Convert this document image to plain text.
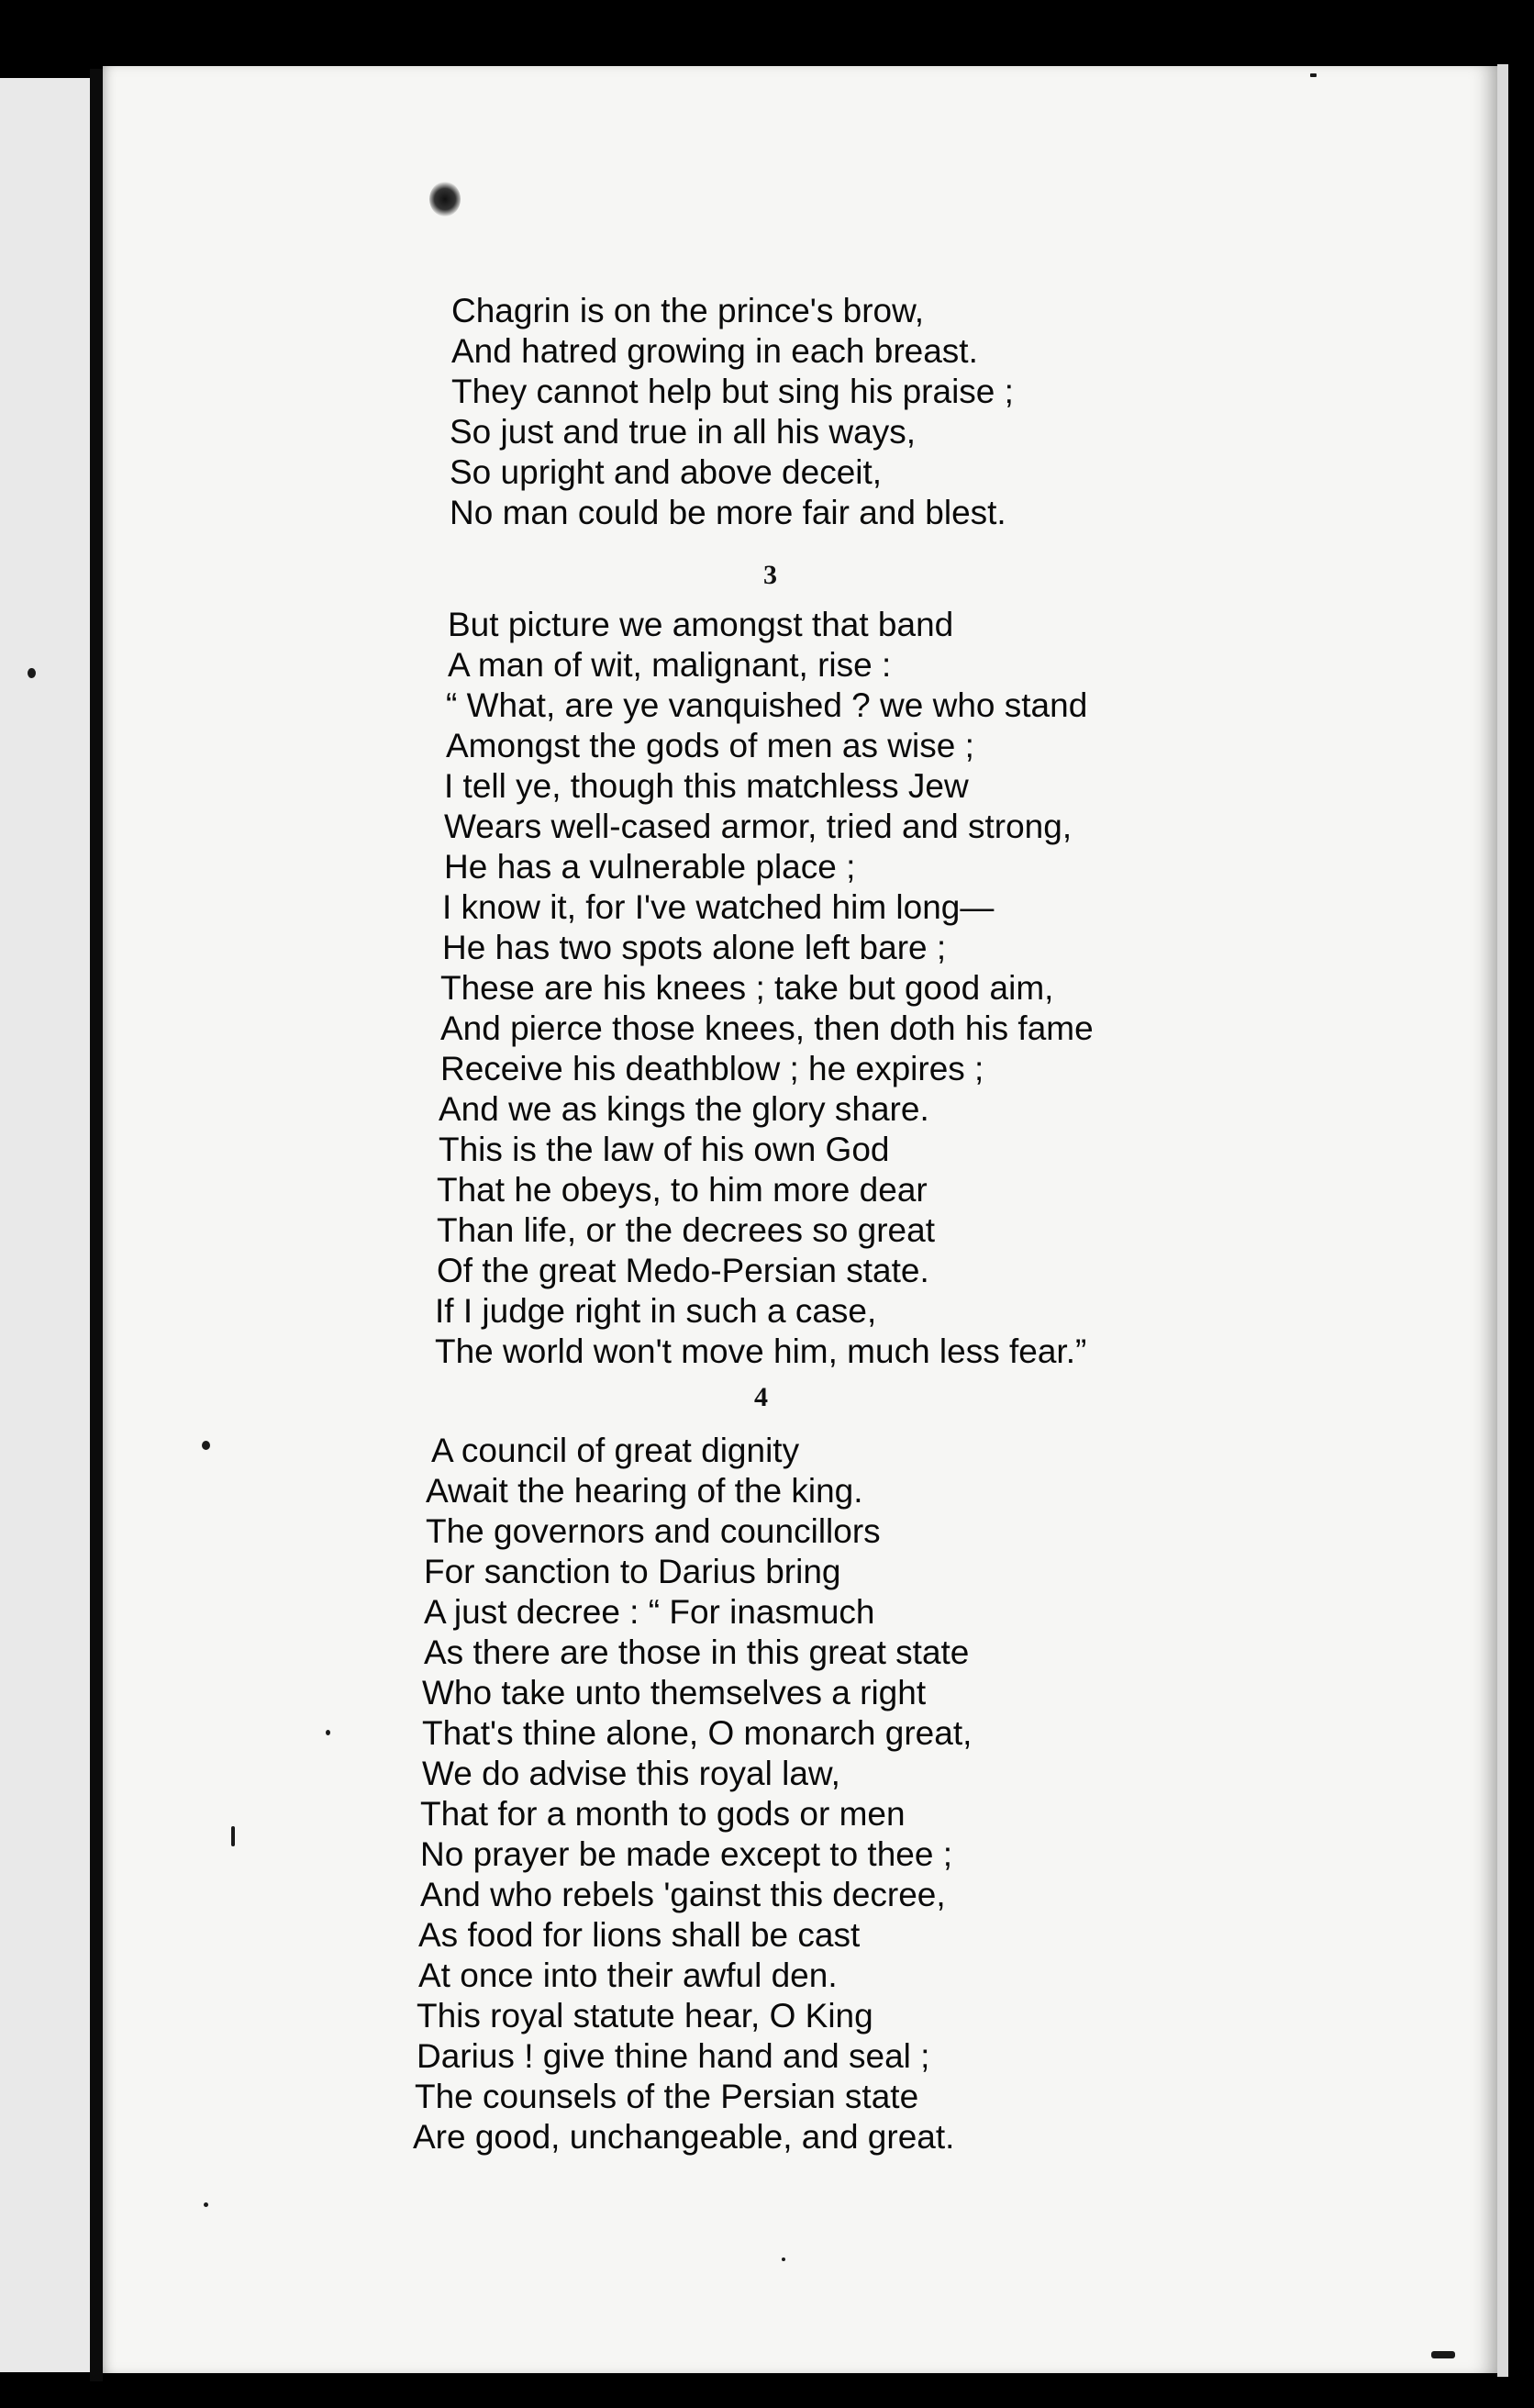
Chagrin is on the prince's brow,
And hatred growing in each breast.
They cannot help but sing his praise ;
So just and true in all his ways,
So upright and above deceit,
No man could be more fair and blest.
3
But picture we amongst that band
A man of wit, malignant, rise :
“ What, are ye vanquished ? we who stand
Amongst the gods of men as wise ;
I tell ye, though this matchless Jew
Wears well-cased armor, tried and strong,
He has a vulnerable place ;
I know it, for I've watched him long—
He has two spots alone left bare ;
These are his knees ; take but good aim,
And pierce those knees, then doth his fame
Receive his deathblow ; he expires ;
And we as kings the glory share.
This is the law of his own God
That he obeys, to him more dear
Than life, or the decrees so great
Of the great Medo-Persian state.
If I judge right in such a case,
The world won't move him, much less fear.”
4
A council of great dignity
Await the hearing of the king.
The governors and councillors
For sanction to Darius bring
A just decree : “ For inasmuch
As there are those in this great state
Who take unto themselves a right
That's thine alone, O monarch great,
We do advise this royal law,
That for a month to gods or men
No prayer be made except to thee ;
And who rebels 'gainst this decree,
As food for lions shall be cast
At once into their awful den.
This royal statute hear, O King
Darius ! give thine hand and seal ;
The counsels of the Persian state
Are good, unchangeable, and great.
